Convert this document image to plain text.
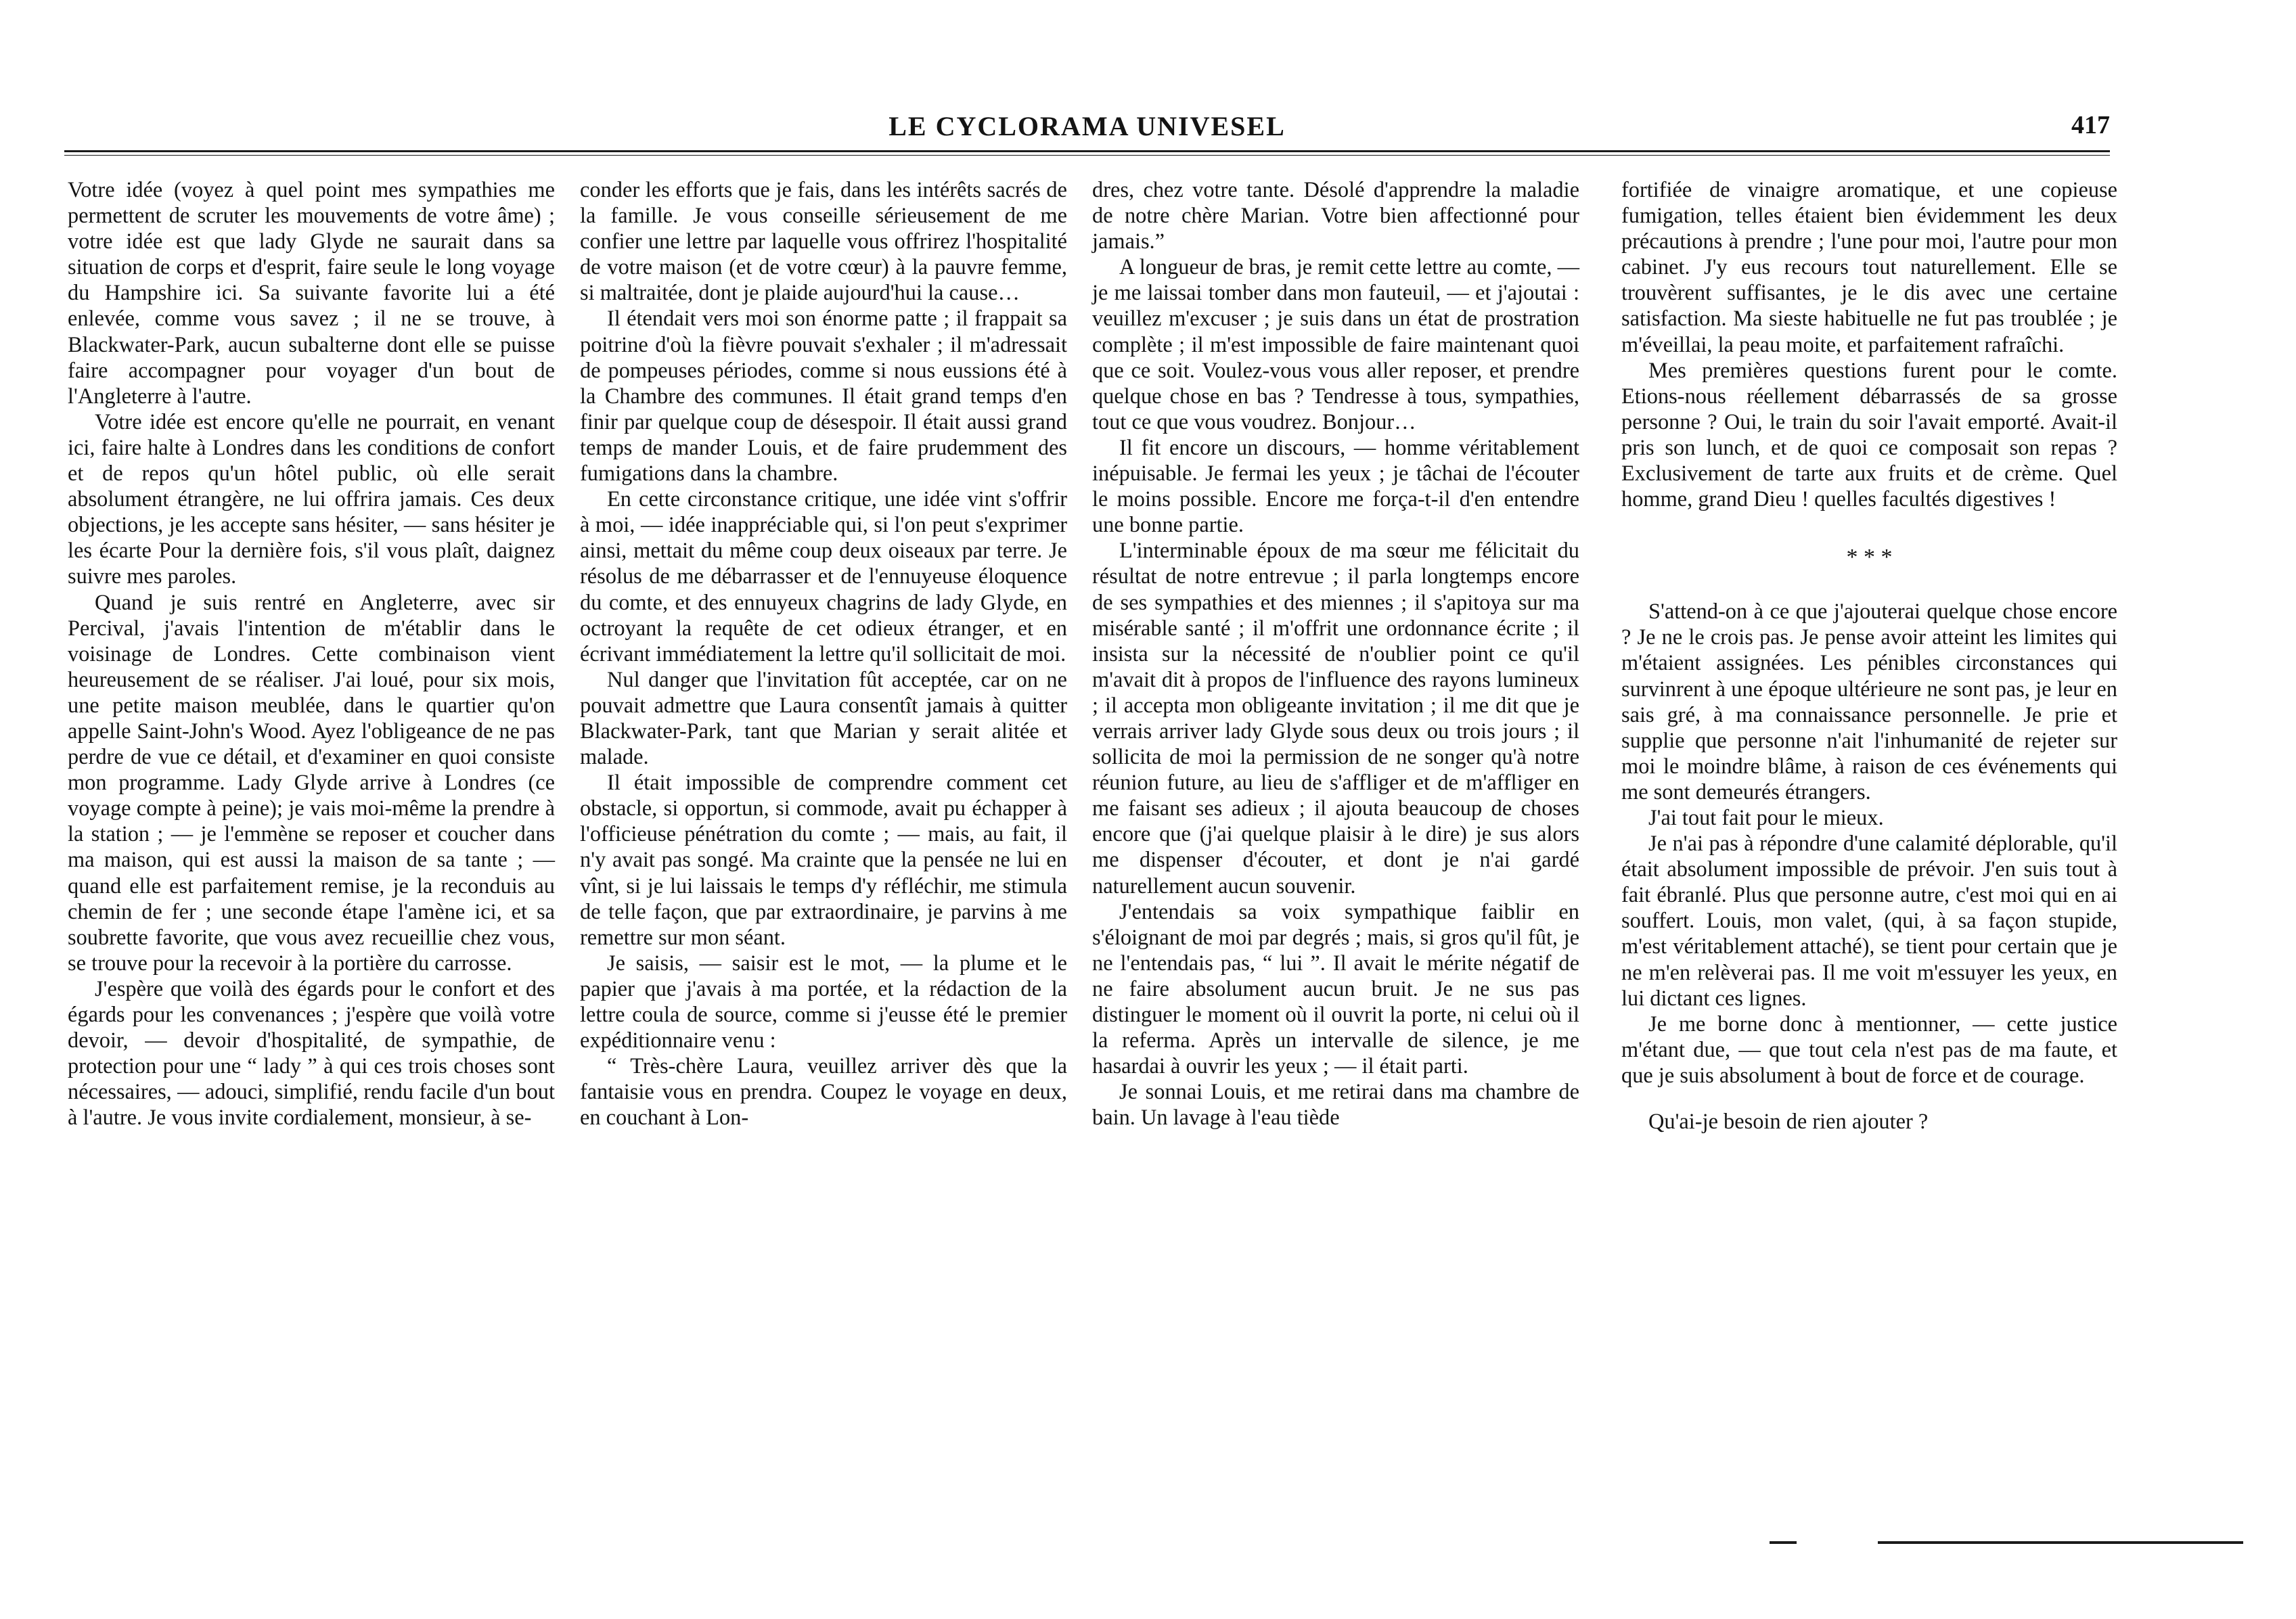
LE CYCLORAMA UNIVESEL	417

Votre idée (voyez à quel point mes sympathies me permettent de scruter les mouvements de votre âme) ; votre idée est que lady Glyde ne saurait dans sa situation de corps et d'esprit, faire seule le long voyage du Hampshire ici. Sa suivante favorite lui a été enlevée, comme vous savez ; il ne se trouve, à Blackwater-Park, aucun subalterne dont elle se puisse faire accompagner pour voyager d'un bout de l'Angleterre à l'autre.

Votre idée est encore qu'elle ne pourrait, en venant ici, faire halte à Londres dans les conditions de confort et de repos qu'un hôtel public, où elle serait absolument étrangère, ne lui offrira jamais. Ces deux objections, je les accepte sans hésiter, — sans hésiter je les écarte Pour la dernière fois, s'il vous plaît, daignez suivre mes paroles.

Quand je suis rentré en Angleterre, avec sir Percival, j'avais l'intention de m'établir dans le voisinage de Londres. Cette combinaison vient heureusement de se réaliser. J'ai loué, pour six mois, une petite maison meublée, dans le quartier qu'on appelle Saint-John's Wood. Ayez l'obligeance de ne pas perdre de vue ce détail, et d'examiner en quoi consiste mon programme. Lady Glyde arrive à Londres (ce voyage compte à peine); je vais moi-même la prendre à la station ; — je l'emmène se reposer et coucher dans ma maison, qui est aussi la maison de sa tante ; — quand elle est parfaitement remise, je la reconduis au chemin de fer ; une seconde étape l'amène ici, et sa soubrette favorite, que vous avez recueillie chez vous, se trouve pour la recevoir à la portière du carrosse.

J'espère que voilà des égards pour le confort et des égards pour les convenances ; j'espère que voilà votre devoir, — devoir d'hospitalité, de sympathie, de protection pour une “ lady ” à qui ces trois choses sont nécessaires, — adouci, simplifié, rendu facile d'un bout à l'autre. Je vous invite cordialement, monsieur, à se-

conder les efforts que je fais, dans les intérêts sacrés de la famille. Je vous conseille sérieusement de me confier une lettre par laquelle vous offrirez l'hospitalité de votre maison (et de votre cœur) à la pauvre femme, si maltraitée, dont je plaide aujourd'hui la cause…

Il étendait vers moi son énorme patte ; il frappait sa poitrine d'où la fièvre pouvait s'exhaler ; il m'adressait de pompeuses périodes, comme si nous eussions été à la Chambre des communes. Il était grand temps d'en finir par quelque coup de désespoir. Il était aussi grand temps de mander Louis, et de faire prudemment des fumigations dans la chambre.

En cette circonstance critique, une idée vint s'offrir à moi, — idée inappréciable qui, si l'on peut s'exprimer ainsi, mettait du même coup deux oiseaux par terre. Je résolus de me débarrasser et de l'ennuyeuse éloquence du comte, et des ennuyeux chagrins de lady Glyde, en octroyant la requête de cet odieux étranger, et en écrivant immédiatement la lettre qu'il sollicitait de moi.

Nul danger que l'invitation fût acceptée, car on ne pouvait admettre que Laura consentît jamais à quitter Blackwater-Park, tant que Marian y serait alitée et malade.

Il était impossible de comprendre comment cet obstacle, si opportun, si commode, avait pu échapper à l'officieuse pénétration du comte ; — mais, au fait, il n'y avait pas songé. Ma crainte que la pensée ne lui en vînt, si je lui laissais le temps d'y réfléchir, me stimula de telle façon, que par extraordinaire, je parvins à me remettre sur mon séant.

Je saisis, — saisir est le mot, — la plume et le papier que j'avais à ma portée, et la rédaction de la lettre coula de source, comme si j'eusse été le premier expéditionnaire venu :

“ Très-chère Laura, veuillez arriver dès que la fantaisie vous en prendra. Coupez le voyage en deux, en couchant à Lon-

dres, chez votre tante. Désolé d'apprendre la maladie de notre chère Marian. Votre bien affectionné pour jamais.”

A longueur de bras, je remit cette lettre au comte, — je me laissai tomber dans mon fauteuil, — et j'ajoutai : veuillez m'excuser ; je suis dans un état de prostration complète ; il m'est impossible de faire maintenant quoi que ce soit. Voulez-vous vous aller reposer, et prendre quelque chose en bas ? Tendresse à tous, sympathies, tout ce que vous voudrez. Bonjour…

Il fit encore un discours, — homme véritablement inépuisable. Je fermai les yeux ; je tâchai de l'écouter le moins possible. Encore me força-t-il d'en entendre une bonne partie.

L'interminable époux de ma sœur me félicitait du résultat de notre entrevue ; il parla longtemps encore de ses sympathies et des miennes ; il s'apitoya sur ma misérable santé ; il m'offrit une ordonnance écrite ; il insista sur la nécessité de n'oublier point ce qu'il m'avait dit à propos de l'influence des rayons lumineux ; il accepta mon obligeante invitation ; il me dit que je verrais arriver lady Glyde sous deux ou trois jours ; il sollicita de moi la permission de ne songer qu'à notre réunion future, au lieu de s'affliger et de m'affliger en me faisant ses adieux ; il ajouta beaucoup de choses encore que (j'ai quelque plaisir à le dire) je sus alors me dispenser d'écouter, et dont je n'ai gardé naturellement aucun souvenir.

J'entendais sa voix sympathique faiblir en s'éloignant de moi par degrés ; mais, si gros qu'il fût, je ne l'entendais pas, “ lui ”. Il avait le mérite négatif de ne faire absolument aucun bruit. Je ne sus pas distinguer le moment où il ouvrit la porte, ni celui où il la referma. Après un intervalle de silence, je me hasardai à ouvrir les yeux ; — il était parti.

Je sonnai Louis, et me retirai dans ma chambre de bain. Un lavage à l'eau tiède

fortifiée de vinaigre aromatique, et une copieuse fumigation, telles étaient bien évidemment les deux précautions à prendre ; l'une pour moi, l'autre pour mon cabinet. J'y eus recours tout naturellement. Elle se trouvèrent suffisantes, je le dis avec une certaine satisfaction. Ma sieste habituelle ne fut pas troublée ; je m'éveillai, la peau moite, et parfaitement rafraîchi.

Mes premières questions furent pour le comte. Etions-nous réellement débarrassés de sa grosse personne ? Oui, le train du soir l'avait emporté. Avait-il pris son lunch, et de quoi ce composait son repas ? Exclusivement de tarte aux fruits et de crème. Quel homme, grand Dieu ! quelles facultés digestives !

* * *

S'attend-on à ce que j'ajouterai quelque chose encore ? Je ne le crois pas. Je pense avoir atteint les limites qui m'étaient assignées. Les pénibles circonstances qui survinrent à une époque ultérieure ne sont pas, je leur en sais gré, à ma connaissance personnelle. Je prie et supplie que personne n'ait l'inhumanité de rejeter sur moi le moindre blâme, à raison de ces événements qui me sont demeurés étrangers.

J'ai tout fait pour le mieux.

Je n'ai pas à répondre d'une calamité déplorable, qu'il était absolument impossible de prévoir. J'en suis tout à fait ébranlé. Plus que personne autre, c'est moi qui en ai souffert. Louis, mon valet, (qui, à sa façon stupide, m'est véritablement attaché), se tient pour certain que je ne m'en relèverai pas. Il me voit m'essuyer les yeux, en lui dictant ces lignes.

Je me borne donc à mentionner, — cette justice m'étant due, — que tout cela n'est pas de ma faute, et que je suis absolument à bout de force et de courage.

Qu'ai-je besoin de rien ajouter ?
